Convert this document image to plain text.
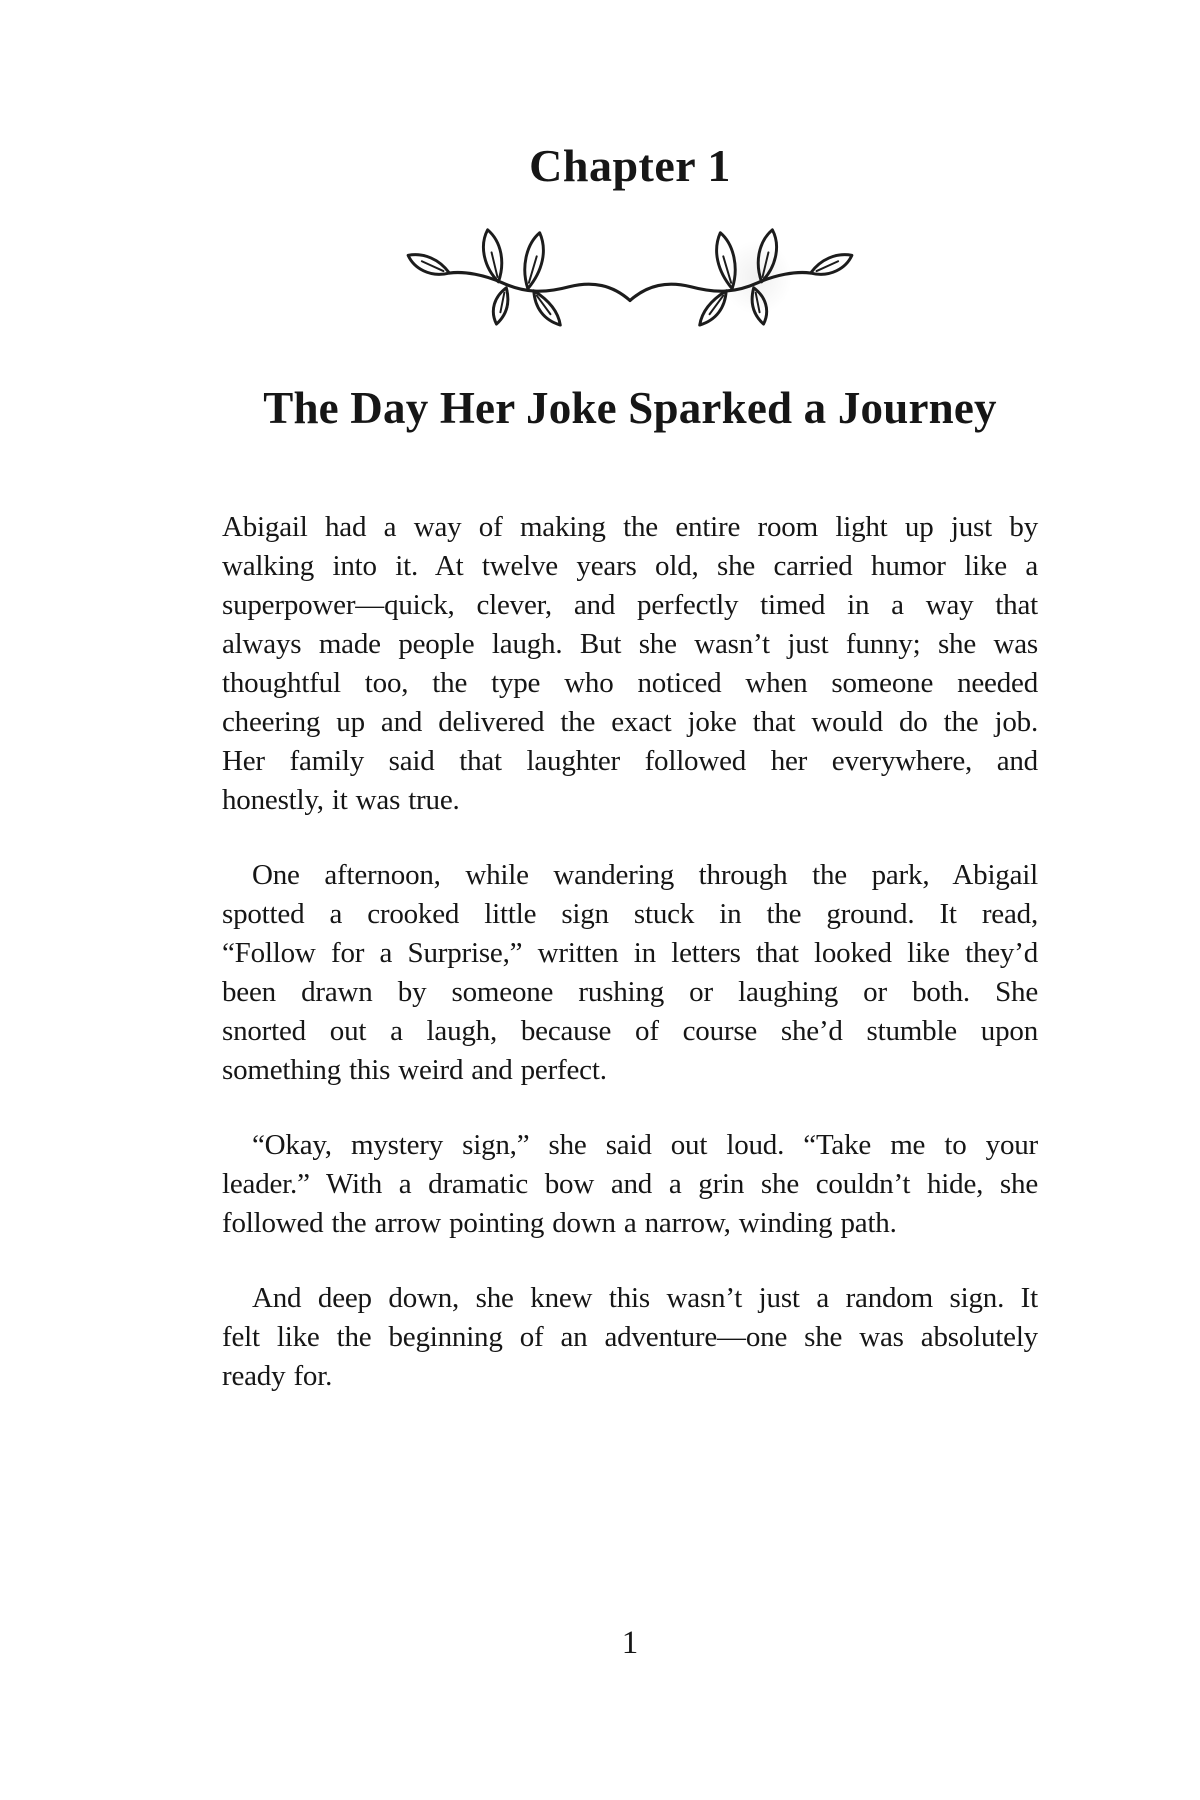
Chapter 1
The Day Her Joke Sparked a Journey
Abigail had a way of making the entire room light up just by
walking into it. At twelve years old, she carried humor like a
superpower—quick, clever, and perfectly timed in a way that
always made people laugh. But she wasn’t just funny; she was
thoughtful too, the type who noticed when someone needed
cheering up and delivered the exact joke that would do the job.
Her family said that laughter followed her everywhere, and
honestly, it was true.
One afternoon, while wandering through the park, Abigail
spotted a crooked little sign stuck in the ground. It read,
“Follow for a Surprise,” written in letters that looked like they’d
been drawn by someone rushing or laughing or both. She
snorted out a laugh, because of course she’d stumble upon
something this weird and perfect.
“Okay, mystery sign,” she said out loud. “Take me to your
leader.” With a dramatic bow and a grin she couldn’t hide, she
followed the arrow pointing down a narrow, winding path.
And deep down, she knew this wasn’t just a random sign. It
felt like the beginning of an adventure—one she was absolutely
ready for.
1
